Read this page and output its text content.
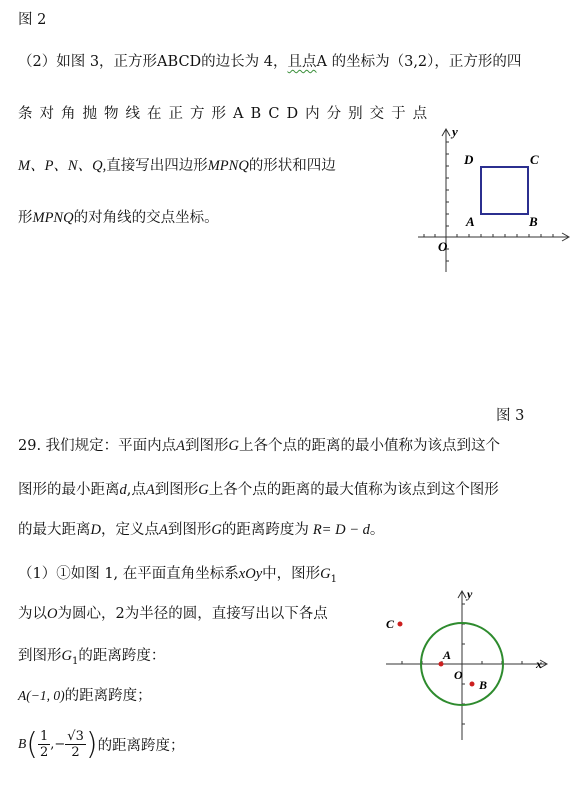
图 2
（2）如图 3，正方形ABCD的边长为 4，且点A 的坐标为（3,2），正方形的四
条对角抛物线在正方形ABCD内分别交于点
M、P、N、Q,直接写出四边形MPNQ的形状和四边
形MPNQ的对角线的交点坐标。
y
D	C
A	B
O
图 3
29. 我们规定：平面内点A到图形G上各个点的距离的最小值称为该点到这个
图形的最小距离d,点A到图形G上各个点的距离的最大值称为该点到这个图形
的最大距离D，定义点A到图形G的距离跨度为 R= D − d。
（1）①如图 1, 在平面直角坐标系xOy中，图形$G_1$
为以O为圆心，2为半径的圆，直接写出以下各点
到图形$G_1$的距离跨度：
A(−1, 0)的距离跨度；
B ( $\frac{1}{2}$ ,− $\frac{√3}{2}$ ) 的距离跨度；
y
x
C
A
B
O
